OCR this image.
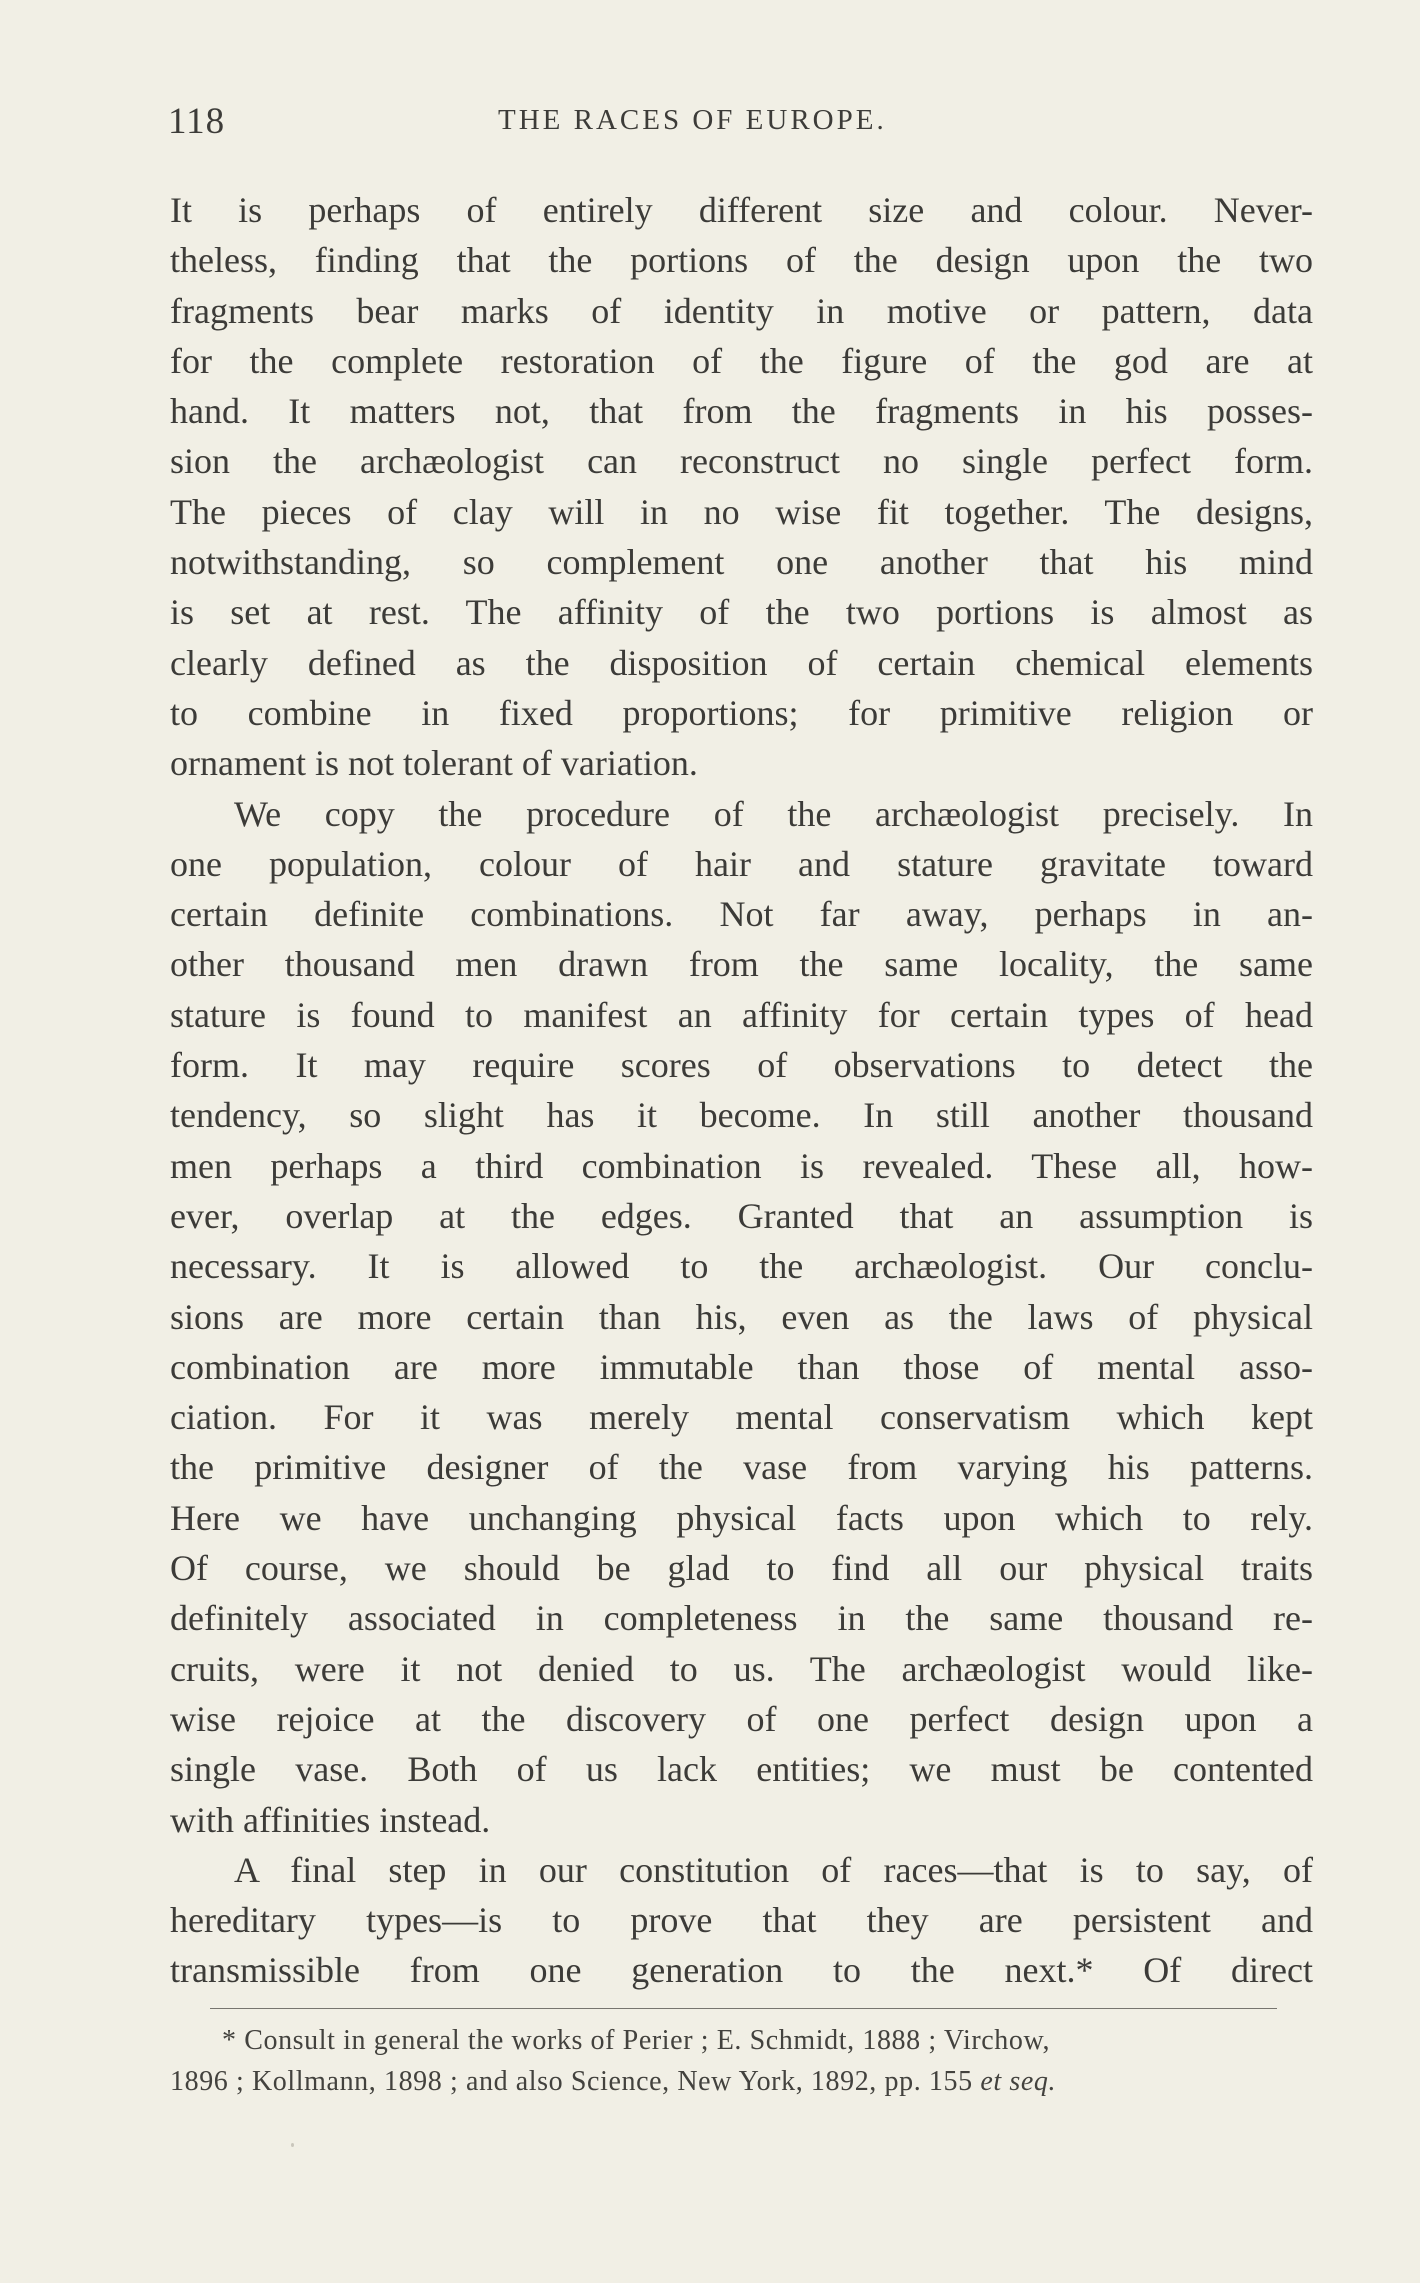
118	THE RACES OF EUROPE.
It is perhaps of entirely different size and colour. Never-
theless, finding that the portions of the design upon the two
fragments bear marks of identity in motive or pattern, data
for the complete restoration of the figure of the god are at
hand. It matters not, that from the fragments in his posses-
sion the archæologist can reconstruct no single perfect form.
The pieces of clay will in no wise fit together. The designs,
notwithstanding, so complement one another that his mind
is set at rest. The affinity of the two portions is almost as
clearly defined as the disposition of certain chemical elements
to combine in fixed proportions; for primitive religion or
ornament is not tolerant of variation.
We copy the procedure of the archæologist precisely. In
one population, colour of hair and stature gravitate toward
certain definite combinations. Not far away, perhaps in an-
other thousand men drawn from the same locality, the same
stature is found to manifest an affinity for certain types of head
form. It may require scores of observations to detect the
tendency, so slight has it become. In still another thousand
men perhaps a third combination is revealed. These all, how-
ever, overlap at the edges. Granted that an assumption is
necessary. It is allowed to the archæologist. Our conclu-
sions are more certain than his, even as the laws of physical
combination are more immutable than those of mental asso-
ciation. For it was merely mental conservatism which kept
the primitive designer of the vase from varying his patterns.
Here we have unchanging physical facts upon which to rely.
Of course, we should be glad to find all our physical traits
definitely associated in completeness in the same thousand re-
cruits, were it not denied to us. The archæologist would like-
wise rejoice at the discovery of one perfect design upon a
single vase. Both of us lack entities; we must be contented
with affinities instead.
A final step in our constitution of races—that is to say, of
hereditary types—is to prove that they are persistent and
transmissible from one generation to the next.* Of direct
* Consult in general the works of Perier ; E. Schmidt, 1888 ; Virchow,
1896 ; Kollmann, 1898 ; and also Science, New York, 1892, pp. 155 et seq.
